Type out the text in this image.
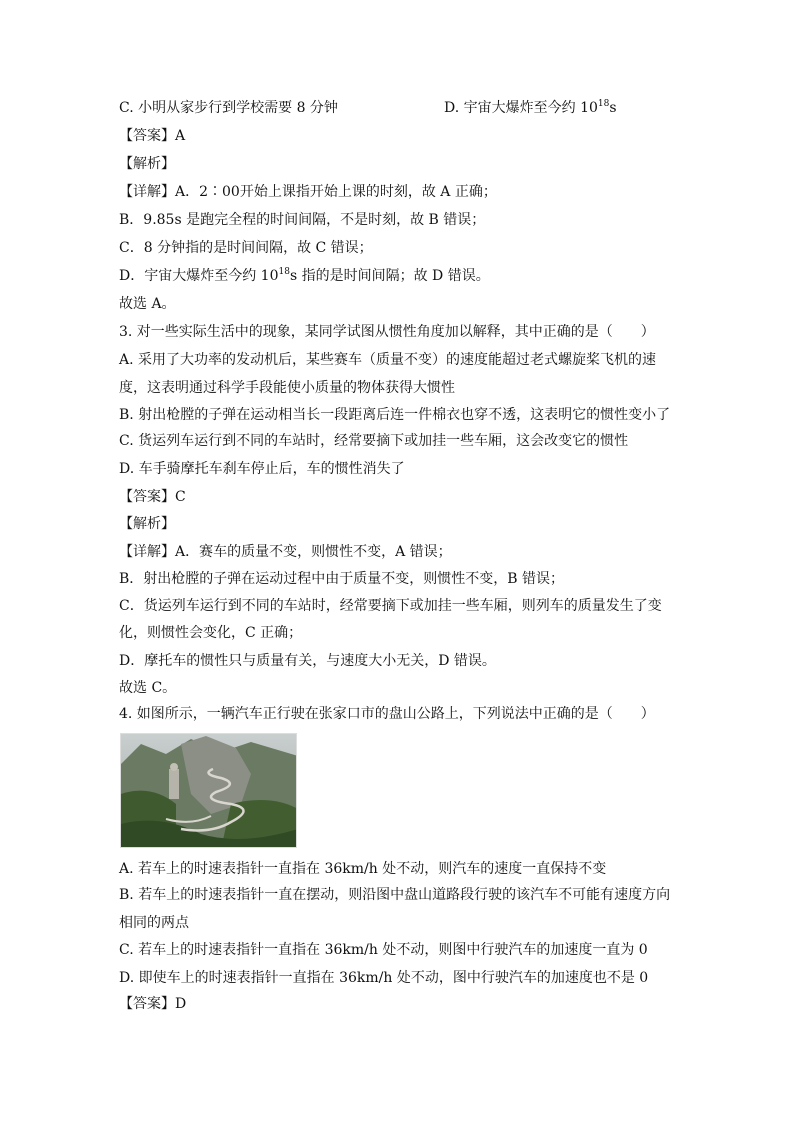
C. 小明从家步行到学校需要 8 分钟	D. 宇宙大爆炸至今约 $10^{18}s$
【答案】A
【解析】
【详解】A．2∶00开始上课指开始上课的时刻，故 A 正确；
B．9.85s 是跑完全程的时间间隔，不是时刻，故 B 错误；
C．8 分钟指的是时间间隔，故 C 错误；
D．宇宙大爆炸至今约 $10^{18}s$ 指的是时间间隔；故 D 错误。
故选 A。
3. 对一些实际生活中的现象，某同学试图从惯性角度加以解释，其中正确的是（　　）
A. 采用了大功率的发动机后，某些赛车（质量不变）的速度能超过老式螺旋桨飞机的速
度，这表明通过科学手段能使小质量的物体获得大惯性
B. 射出枪膛的子弹在运动相当长一段距离后连一件棉衣也穿不透，这表明它的惯性变小了
C. 货运列车运行到不同的车站时，经常要摘下或加挂一些车厢，这会改变它的惯性
D. 车手骑摩托车刹车停止后，车的惯性消失了
【答案】C
【解析】
【详解】A．赛车的质量不变，则惯性不变，A 错误；
B．射出枪膛的子弹在运动过程中由于质量不变，则惯性不变，B 错误；
C．货运列车运行到不同的车站时，经常要摘下或加挂一些车厢，则列车的质量发生了变
化，则惯性会变化，C 正确；
D．摩托车的惯性只与质量有关，与速度大小无关，D 错误。
故选 C。
4. 如图所示，一辆汽车正行驶在张家口市的盘山公路上，下列说法中正确的是（　　）
A. 若车上的时速表指针一直指在 36km/h 处不动，则汽车的速度一直保持不变
B. 若车上的时速表指针一直在摆动，则沿图中盘山道路段行驶的该汽车不可能有速度方向
相同的两点
C. 若车上的时速表指针一直指在 36km/h 处不动，则图中行驶汽车的加速度一直为 0
D. 即使车上的时速表指针一直指在 36km/h 处不动，图中行驶汽车的加速度也不是 0
【答案】D
